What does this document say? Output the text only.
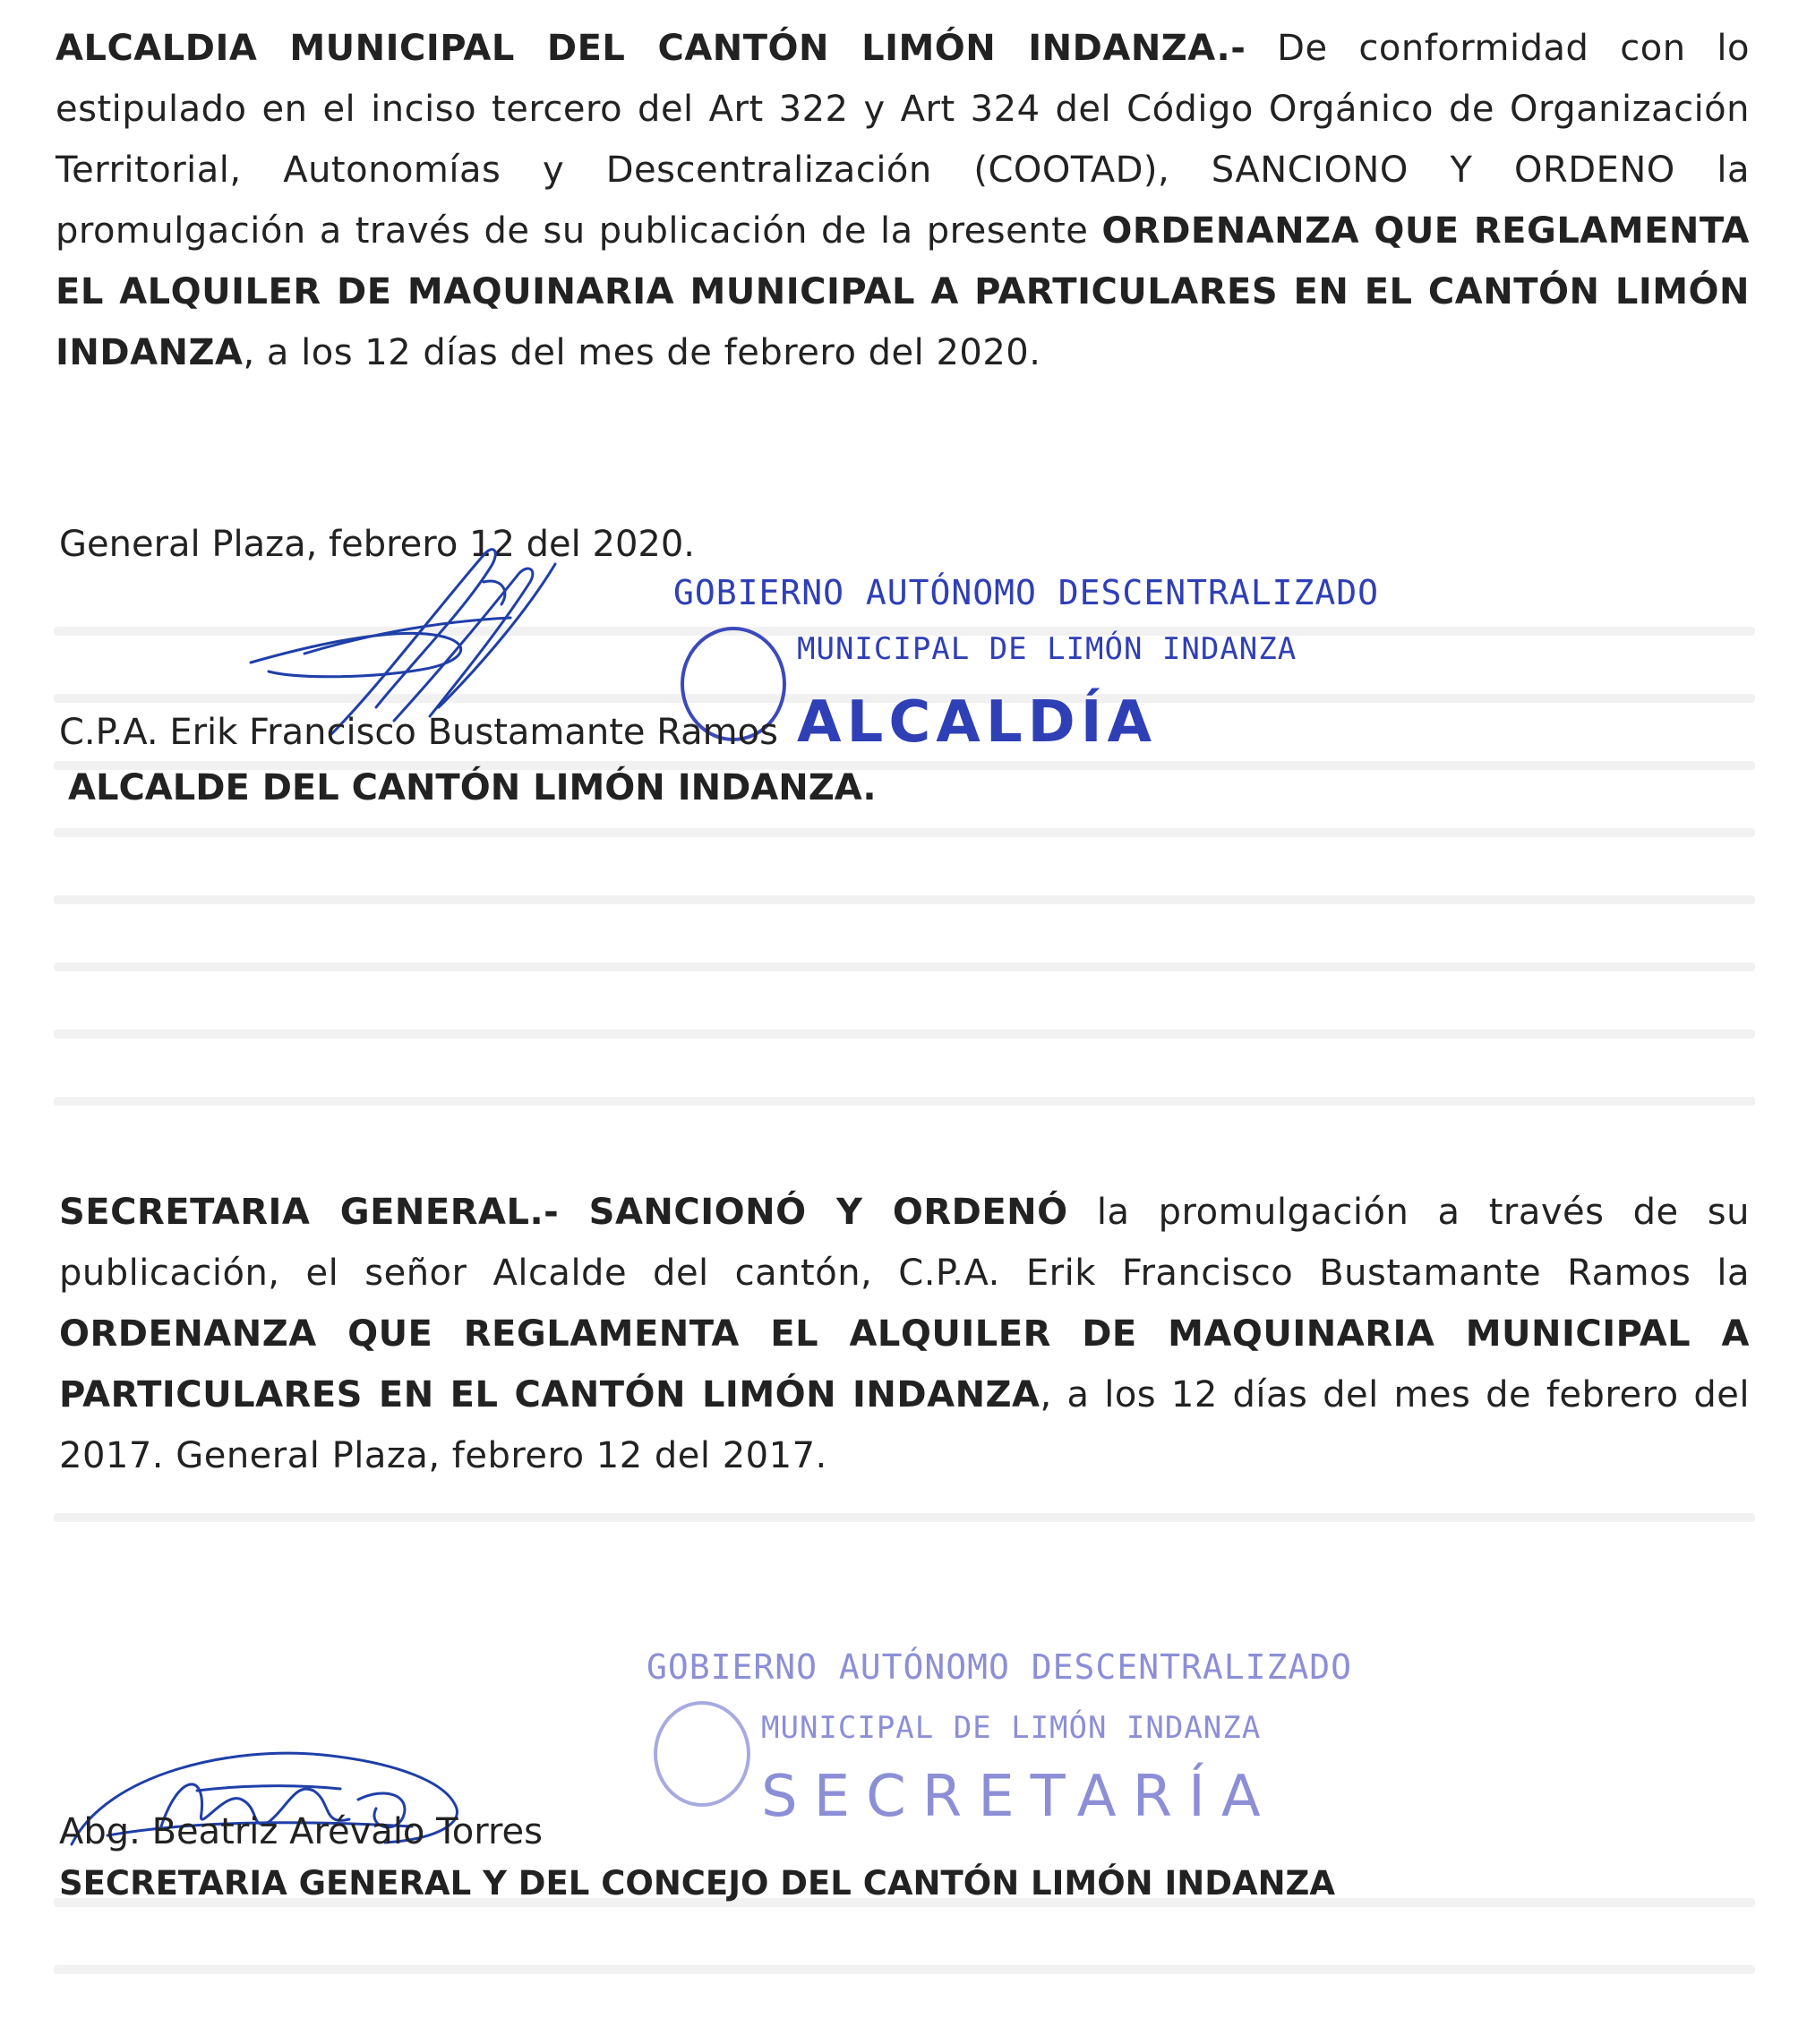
ALCALDIA MUNICIPAL DEL CANTÓN LIMÓN INDANZA.- De conformidad con lo estipulado en el inciso tercero del Art 322 y Art 324 del Código Orgánico de Organización Territorial, Autonomías y Descentralización (COOTAD), SANCIONO Y ORDENO la promulgación a través de su publicación de la presente ORDENANZA QUE REGLAMENTA EL ALQUILER DE MAQUINARIA MUNICIPAL A PARTICULARES EN EL CANTÓN LIMÓN INDANZA, a los 12 días del mes de febrero del 2020.

General Plaza, febrero 12 del 2020.

GOBIERNO AUTÓNOMO DESCENTRALIZADO
MUNICIPAL DE LIMÓN INDANZA
ALCALDÍA

C.P.A. Erik Francisco Bustamante Ramos

ALCALDE DEL CANTÓN LIMÓN INDANZA.

SECRETARIA GENERAL.- SANCIONÓ Y ORDENÓ la promulgación a través de su publicación, el señor Alcalde del cantón, C.P.A. Erik Francisco Bustamante Ramos la ORDENANZA QUE REGLAMENTA EL ALQUILER DE MAQUINARIA MUNICIPAL A PARTICULARES EN EL CANTÓN LIMÓN INDANZA, a los 12 días del mes de febrero del 2017. General Plaza, febrero 12 del 2017.

GOBIERNO AUTÓNOMO DESCENTRALIZADO
MUNICIPAL DE LIMÓN INDANZA
SECRETARÍA

Abg. Beatriz Arévalo Torres

SECRETARIA GENERAL Y DEL CONCEJO DEL CANTÓN LIMÓN INDANZA
